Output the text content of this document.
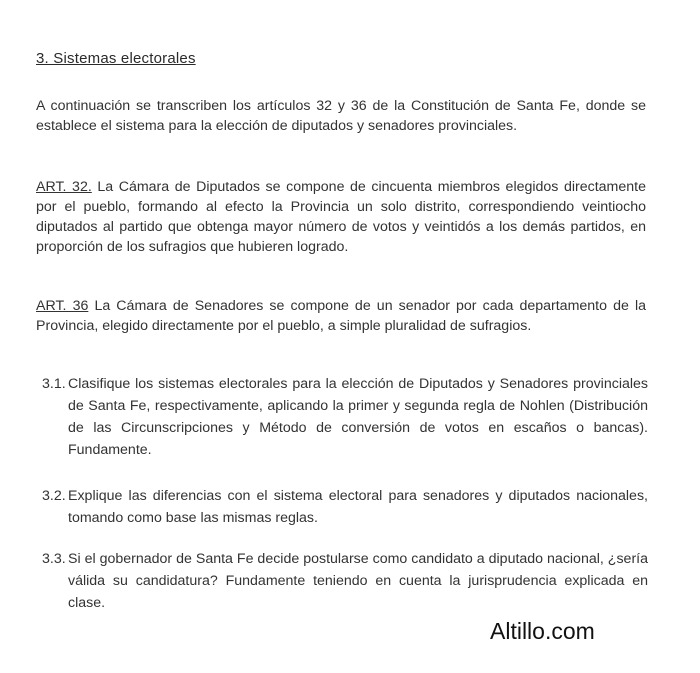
3. Sistemas electorales
A continuación se transcriben los artículos 32 y 36 de la Constitución de Santa Fe, donde se establece el sistema para la elección de diputados y senadores provinciales.
ART. 32. La Cámara de Diputados se compone de cincuenta miembros elegidos directamente por el pueblo, formando al efecto la Provincia un solo distrito, correspondiendo veintiocho diputados al partido que obtenga mayor número de votos y veintidós a los demás partidos, en proporción de los sufragios que hubieren logrado.
ART. 36 La Cámara de Senadores se compone de un senador por cada departamento de la Provincia, elegido directamente por el pueblo, a simple pluralidad de sufragios.
3.1. Clasifique los sistemas electorales para la elección de Diputados y Senadores provinciales de Santa Fe, respectivamente, aplicando la primer y segunda regla de Nohlen (Distribución de las Circunscripciones y Método de conversión de votos en escaños o bancas). Fundamente.
3.2. Explique las diferencias con el sistema electoral para senadores y diputados nacionales, tomando como base las mismas reglas.
3.3. Si el gobernador de Santa Fe decide postularse como candidato a diputado nacional, ¿sería válida su candidatura? Fundamente teniendo en cuenta la jurisprudencia explicada en clase.
Altillo.com
